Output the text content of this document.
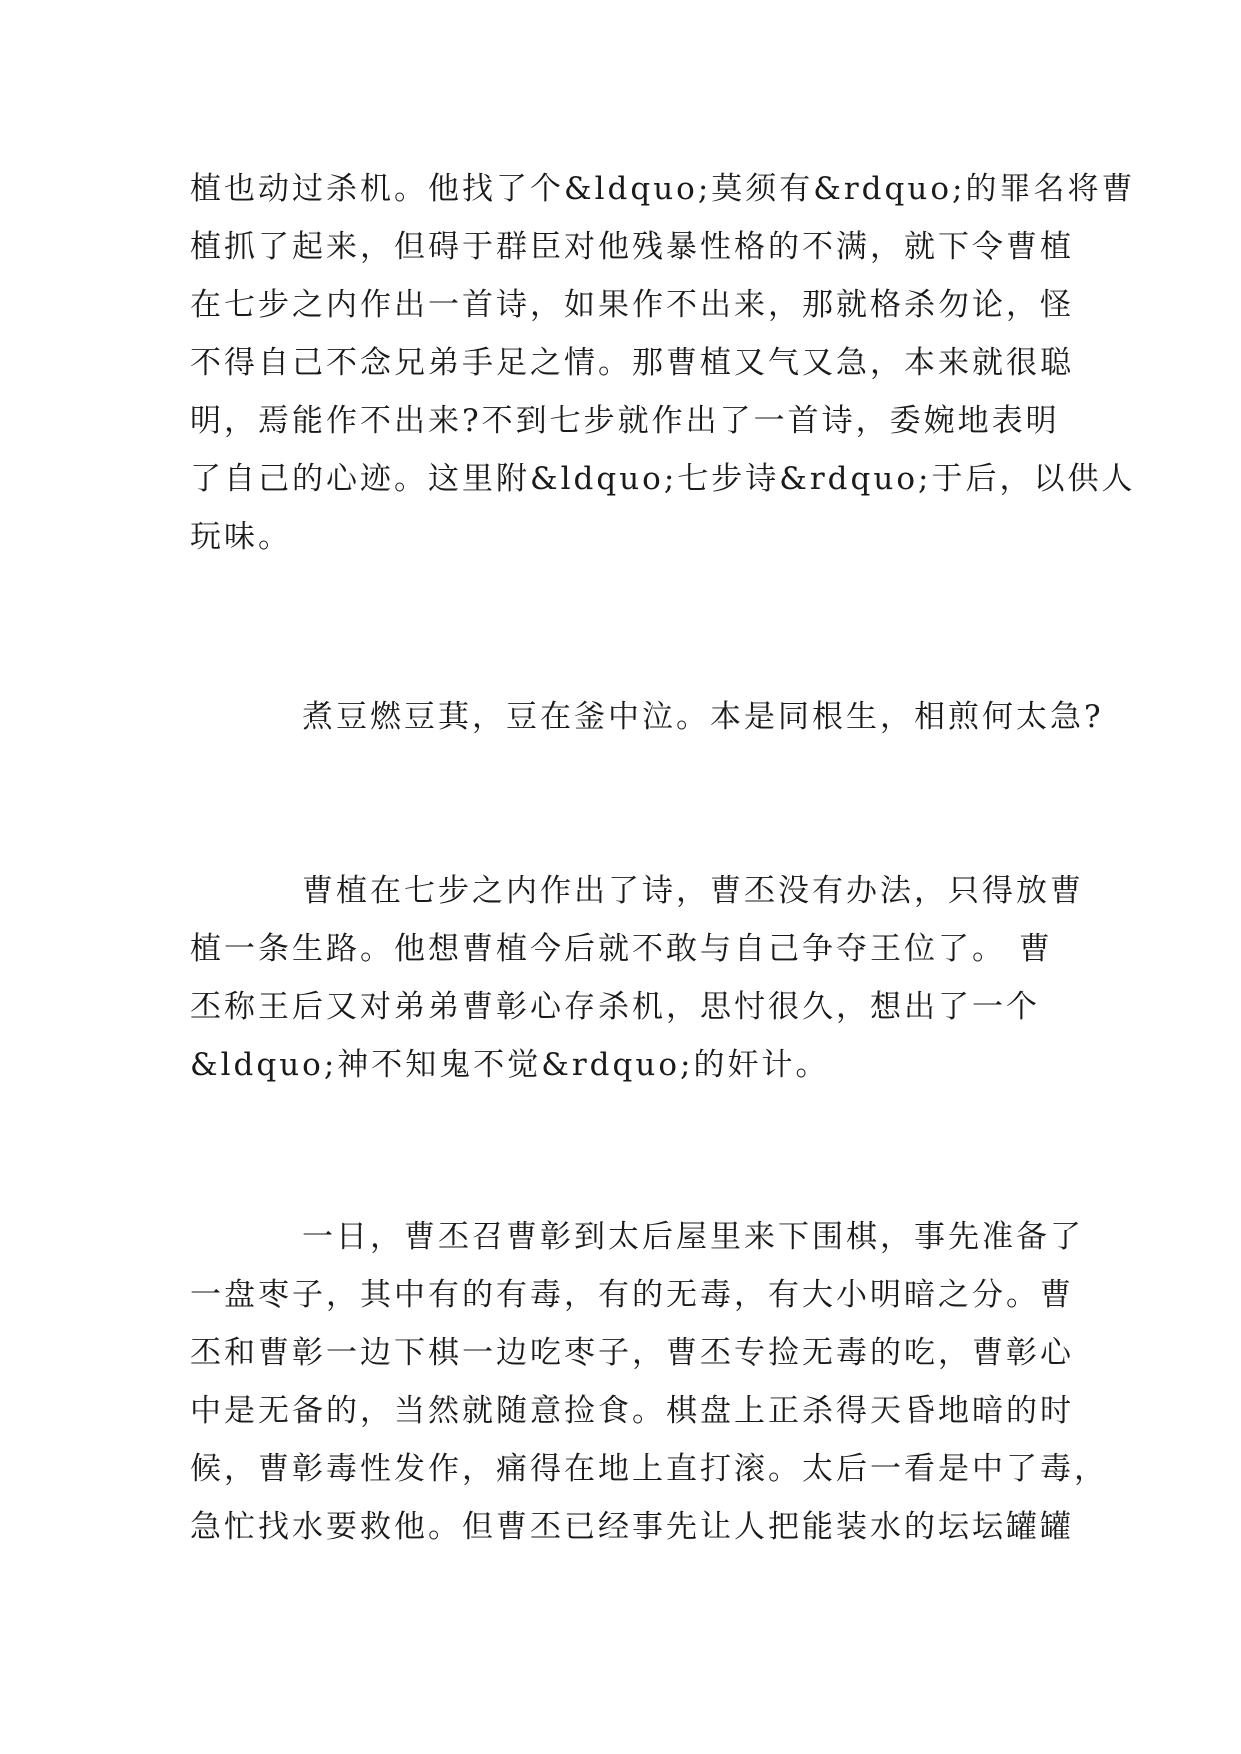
植也动过杀机。他找了个&ldquo;莫须有&rdquo;的罪名将曹
植抓了起来，但碍于群臣对他残暴性格的不满，就下令曹植
在七步之内作出一首诗，如果作不出来，那就格杀勿论，怪
不得自己不念兄弟手足之情。那曹植又气又急，本来就很聪
明，焉能作不出来?不到七步就作出了一首诗，委婉地表明
了自己的心迹。这里附&ldquo;七步诗&rdquo;于后，以供人
玩味。

煮豆燃豆萁，豆在釜中泣。本是同根生，相煎何太急?

曹植在七步之内作出了诗，曹丕没有办法，只得放曹
植一条生路。他想曹植今后就不敢与自己争夺王位了。 曹
丕称王后又对弟弟曹彰心存杀机，思忖很久，想出了一个
&ldquo;神不知鬼不觉&rdquo;的奸计。

一日，曹丕召曹彰到太后屋里来下围棋，事先准备了
一盘枣子，其中有的有毒，有的无毒，有大小明暗之分。曹
丕和曹彰一边下棋一边吃枣子，曹丕专捡无毒的吃，曹彰心
中是无备的，当然就随意捡食。棋盘上正杀得天昏地暗的时
候，曹彰毒性发作，痛得在地上直打滚。太后一看是中了毒，
急忙找水要救他。但曹丕已经事先让人把能装水的坛坛罐罐
